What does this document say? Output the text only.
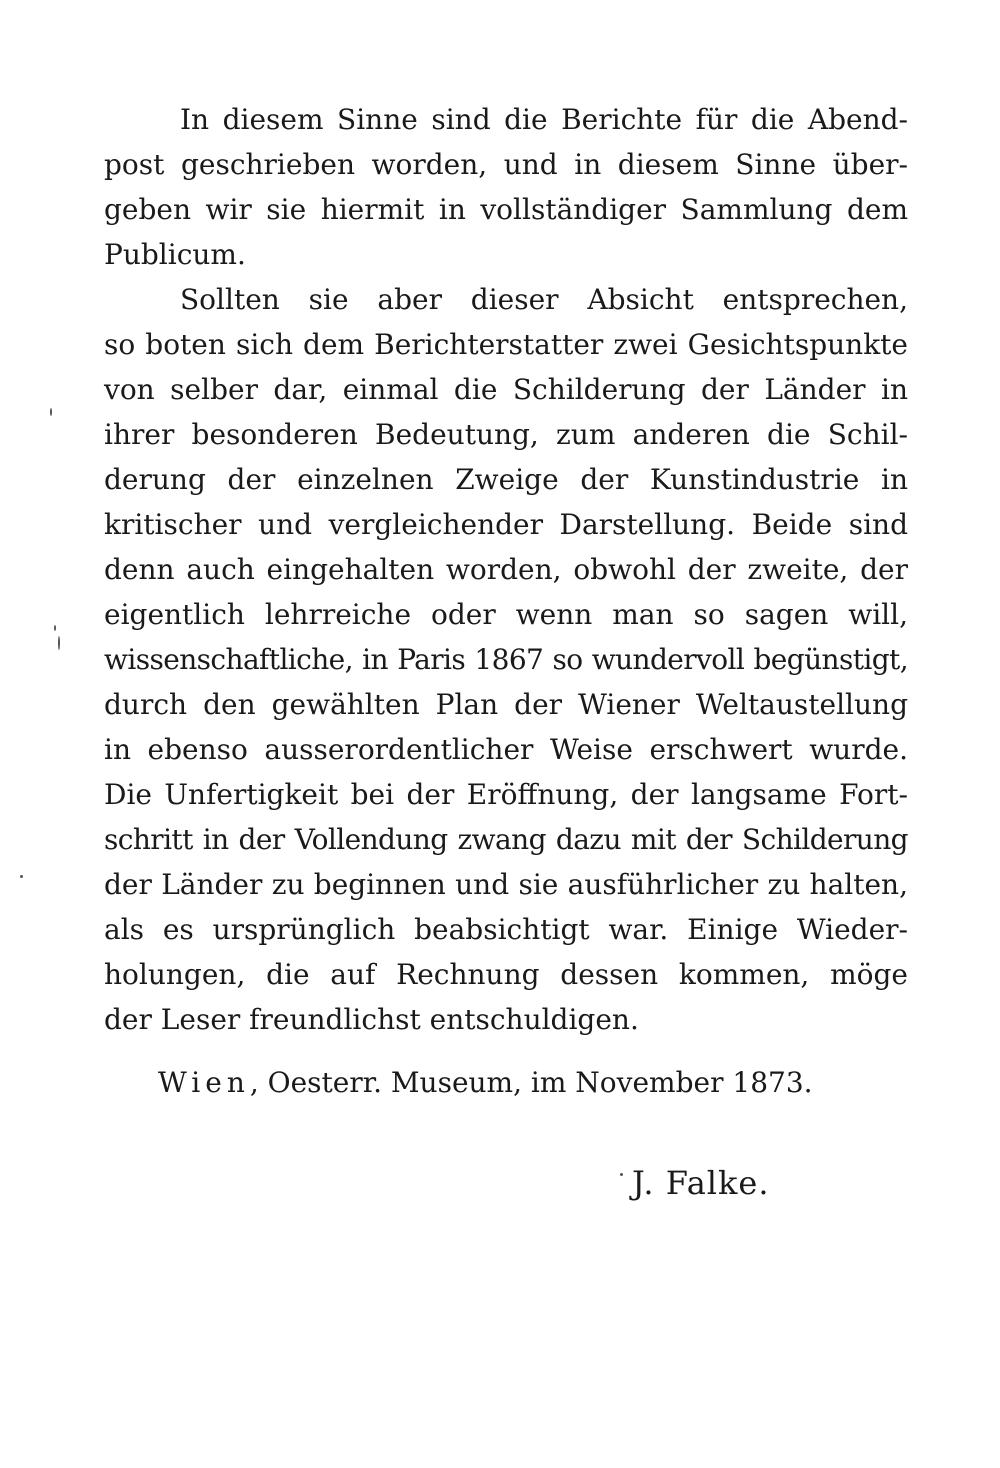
In diesem Sinne sind die Berichte für die Abend-
post geschrieben worden, und in diesem Sinne über-
geben wir sie hiermit in vollständiger Sammlung dem
Publicum.
Sollten sie aber dieser Absicht entsprechen,
so boten sich dem Berichterstatter zwei Gesichtspunkte
von selber dar, einmal die Schilderung der Länder in
ihrer besonderen Bedeutung, zum anderen die Schil-
derung der einzelnen Zweige der Kunstindustrie in
kritischer und vergleichender Darstellung. Beide sind
denn auch eingehalten worden, obwohl der zweite, der
eigentlich lehrreiche oder wenn man so sagen will,
wissenschaftliche, in Paris 1867 so wundervoll begünstigt,
durch den gewählten Plan der Wiener Weltaustellung
in ebenso ausserordentlicher Weise erschwert wurde.
Die Unfertigkeit bei der Eröffnung, der langsame Fort-
schritt in der Vollendung zwang dazu mit der Schilderung
der Länder zu beginnen und sie ausführlicher zu halten,
als es ursprünglich beabsichtigt war. Einige Wieder-
holungen, die auf Rechnung dessen kommen, möge
der Leser freundlichst entschuldigen.
Wien, Oesterr. Museum, im November 1873.
J. Falke.
